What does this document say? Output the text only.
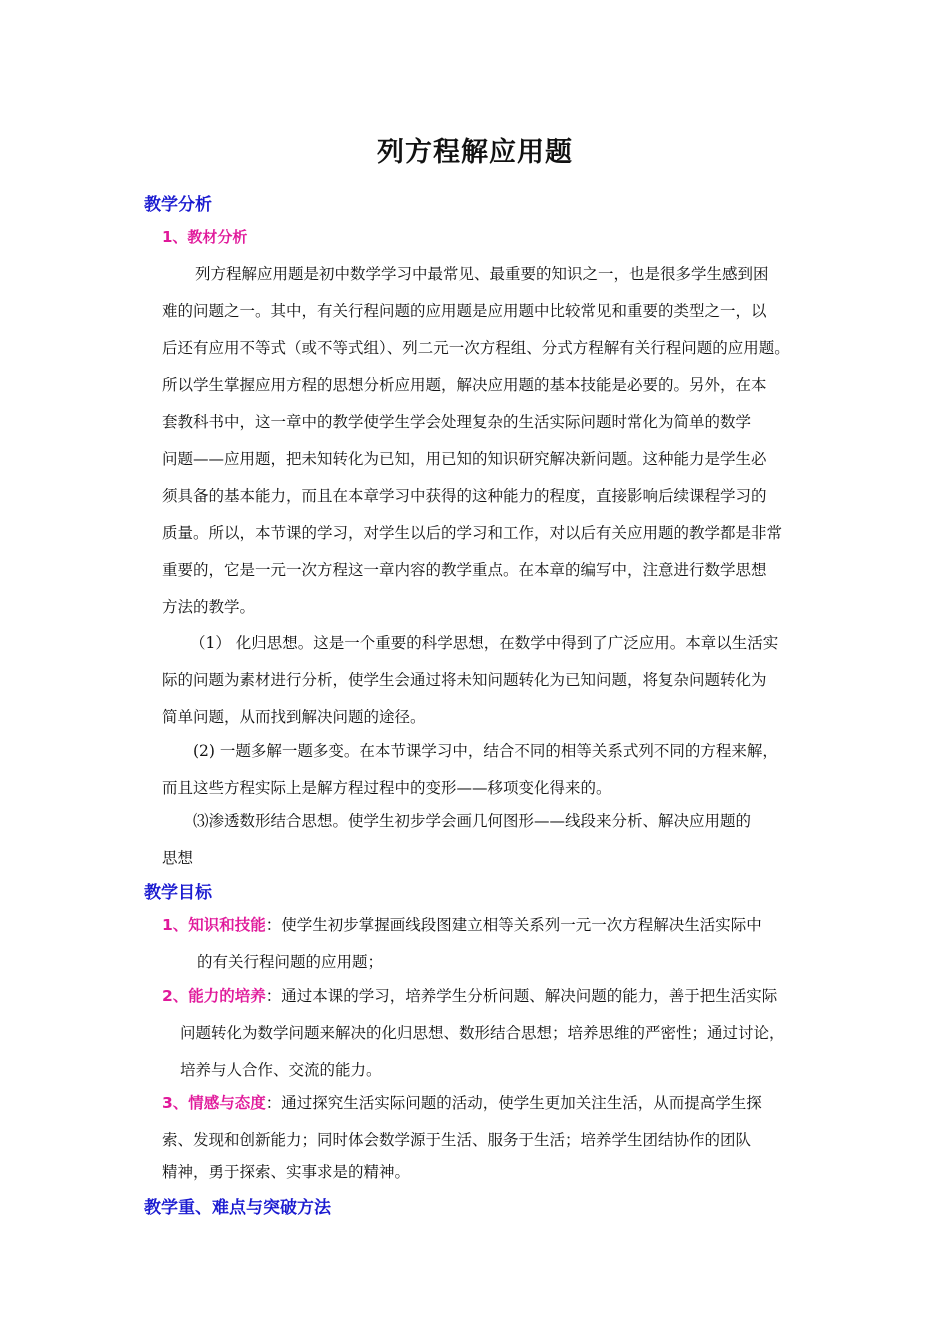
列方程解应用题
教学分析
1、教材分析
列方程解应用题是初中数学学习中最常见、最重要的知识之一，也是很多学生感到困
难的问题之一。其中，有关行程问题的应用题是应用题中比较常见和重要的类型之一，以
后还有应用不等式（或不等式组）、列二元一次方程组、分式方程解有关行程问题的应用题。
所以学生掌握应用方程的思想分析应用题，解决应用题的基本技能是必要的。另外，在本
套教科书中，这一章中的教学使学生学会处理复杂的生活实际问题时常化为简单的数学
问题——应用题，把未知转化为已知，用已知的知识研究解决新问题。这种能力是学生必
须具备的基本能力，而且在本章学习中获得的这种能力的程度，直接影响后续课程学习的
质量。所以，本节课的学习，对学生以后的学习和工作，对以后有关应用题的教学都是非常
重要的，它是一元一次方程这一章内容的教学重点。在本章的编写中，注意进行数学思想
方法的教学。
（1） 化归思想。这是一个重要的科学思想，在数学中得到了广泛应用。本章以生活实
际的问题为素材进行分析，使学生会通过将未知问题转化为已知问题，将复杂问题转化为
简单问题，从而找到解决问题的途径。
(2) 一题多解一题多变。在本节课学习中，结合不同的相等关系式列不同的方程来解，
而且这些方程实际上是解方程过程中的变形——移项变化得来的。
⑶渗透数形结合思想。使学生初步学会画几何图形——线段来分析、解决应用题的
思想
教学目标
1、知识和技能：使学生初步掌握画线段图建立相等关系列一元一次方程解决生活实际中
的有关行程问题的应用题；
2、能力的培养：通过本课的学习，培养学生分析问题、解决问题的能力，善于把生活实际
问题转化为数学问题来解决的化归思想、数形结合思想；培养思维的严密性；通过讨论，
培养与人合作、交流的能力。
3、情感与态度：通过探究生活实际问题的活动，使学生更加关注生活，从而提高学生探
索、发现和创新能力；同时体会数学源于生活、服务于生活；培养学生团结协作的团队
精神，勇于探索、实事求是的精神。
教学重、难点与突破方法
